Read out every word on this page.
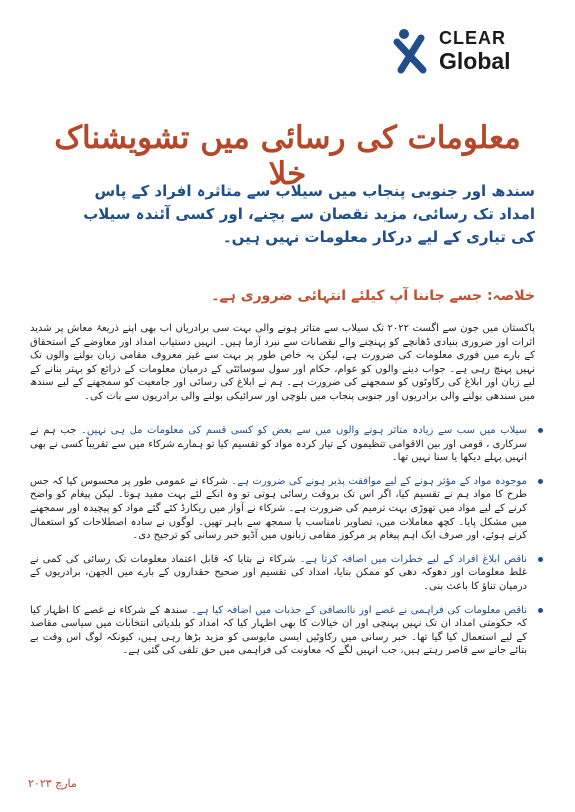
CLEAR
Global
معلومات کی رسائی میں تشویشناک خلا

سندھ اور جنوبی پنجاب میں سیلاب سے متاثرہ افراد کے پاس امداد تک رسائی، مزید نقصان سے بچنے، اور کسی آئندہ سیلاب کی تیاری کے لیے درکار معلومات نہیں ہیں۔

خلاصہ: جسے جاننا آپ کیلئے انتہائی ضروری ہے۔

پاکستان میں جون سے اگست ۲۰۲۲ تک سیلاب سے متاثر ہونے والی بہت سی برادریاں اب بھی اپنے ذریعۂ معاش پر شدید اثرات اور ضروری بنیادی ڈھانچے کو پہنچنے والے نقصانات سے نبرد آزما ہیں۔ انہیں دستیاب امداد اور معاوضے کے استحقاق کے بارے میں فوری معلومات کی ضرورت ہے، لیکن یہ خاص طور پر بہت سے غیر معروف مقامی زبان بولنے والوں تک نہیں پہنچ رہی ہے۔ جواب دینے والوں کو عوام، حکام اور سول سوسائٹی کے درمیان معلومات کے ذرائع کو بہتر بنانے کے لیے زبان اور ابلاغ کی رکاوٹوں کو سمجھنے کی ضرورت ہے۔ ہم نے ابلاغ کی رسائی اور جامعیت کو سمجھنے کے لیے سندھ میں سندھی بولنے والی برادریوں اور جنوبی پنجاب میں بلوچی اور سرائیکی بولنے والی برادریوں سے بات کی۔

سیلاب میں سب سے زیادہ متاثر ہونے والوں میں سے بعض کو کسی قسم کی معلومات مل ہی نہیں۔ جب ہم نے سرکاری ، قومی اور بین الاقوامی تنظیموں کے تیار کردہ مواد کو تقسیم کیا تو ہمارے شرکاء میں سے تقریباً کسی نے بھی انہیں پہلے دیکھا یا سنا نہیں تھا۔
موجودہ مواد کے مؤثر ہونے کے لیے موافقت پذیر ہونے کی ضرورت ہے۔ شرکاء نے عمومی طور پر محسوس کیا کہ جس طرح کا مواد ہم نے تقسیم کیا، اگر اس تک بروقت رسائی ہوتی تو وہ انکے لئے بہت مفید ہوتا۔ لیکن پیغام کو واضح کرنے کے لیے مواد میں تھوڑی بہت ترمیم کی ضرورت ہے۔ شرکاء نے آواز میں ریکارڈ کئے گئے مواد کو پیچیدہ اور سمجھنے میں مشکل پایا۔ کچھ معاملات میں، تصاویر نامناسب یا سمجھ سے باہر تھیں۔ لوگوں نے سادہ اصطلاحات کو استعمال کرنے ہوئے، اور صرف ایک اہم پیغام پر مرکوز مقامی زبانوں میں آڈیو خبر رسانی کو ترجیح دی۔
ناقص ابلاغ افراد کے لیے خطرات میں اضافہ کرتا ہے۔ شرکاء نے بتایا کہ قابل اعتماد معلومات تک رسائی کی کمی نے غلط معلومات اور دھوکہ دھی کو ممکن بنایا، امداد کی تقسیم اور صحیح حقداروں کے بارے میں الجھن، برادریوں کے درمیان تناؤ کا باعث بنی۔
ناقص معلومات کی فراہمی نے غصے اور ناانصافی کے جذبات میں اضافہ کیا ہے۔ سندھ کے شرکاء نے غصے کا اظہار کیا کہ حکومتی امداد ان تک نہیں پہنچی اور ان خیالات کا بھی اظہار کیا کہ امداد کو بلدیاتی انتخابات میں سیاسی مقاصد کے لیے استعمال کیا گیا تھا۔ خبر رسانی میں رکاوٹیں ایسی مایوسی کو مزید بڑھا رہی ہیں، کیونکہ لوگ اس وقت بے بتائے جانے سے قاصر رہتے ہیں، جب انہیں لگے کہ معاونت کی فراہمی میں حق تلفی کی گئی ہے۔
مارچ ۲۰۲۳
